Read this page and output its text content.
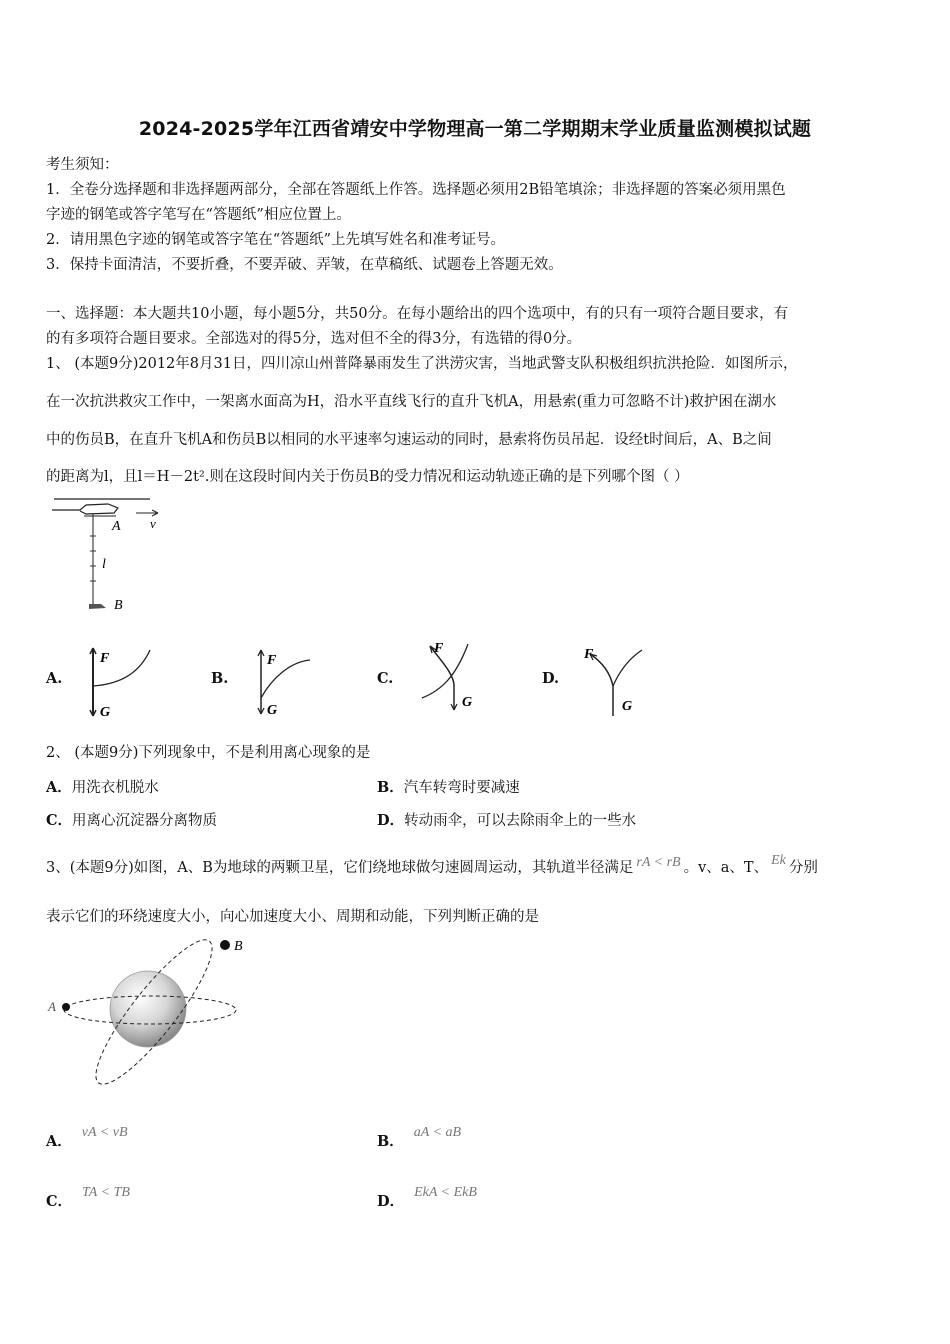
2024-2025学年江西省靖安中学物理高一第二学期期末学业质量监测模拟试题
考生须知：
1．全卷分选择题和非选择题两部分，全部在答题纸上作答。选择题必须用2B铅笔填涂；非选择题的答案必须用黑色
字迹的钢笔或答字笔写在“答题纸”相应位置上。
2．请用黑色字迹的钢笔或答字笔在“答题纸”上先填写姓名和准考证号。
3．保持卡面清洁，不要折叠，不要弄破、弄皱，在草稿纸、试题卷上答题无效。
一、选择题：本大题共10小题，每小题5分，共50分。在每小题给出的四个选项中，有的只有一项符合题目要求，有
的有多项符合题目要求。全部选对的得5分，选对但不全的得3分，有选错的得0分。
1、 (本题9分)2012年8月31日，四川凉山州普降暴雨发生了洪涝灾害，当地武警支队积极组织抗洪抢险．如图所示，
在一次抗洪救灾工作中，一架离水面高为H，沿水平直线飞行的直升飞机A，用悬索(重力可忽略不计)救护困在湖水
中的伤员B，在直升飞机A和伤员B以相同的水平速率匀速运动的同时，悬索将伤员吊起．设经t时间后，A、B之间
的距离为l，且l＝H－2t².则在这段时间内关于伤员B的受力情况和运动轨迹正确的是下列哪个图（ ）
A v
l
B
A.
F
G
B.
F
G
C.
F
G
D.
F
G
2、 (本题9分)下列现象中，不是利用离心现象的是
A．用洗衣机脱水	B．汽车转弯时要减速
C．用离心沉淀器分离物质	D．转动雨伞，可以去除雨伞上的一些水
3、(本题9分)如图，A、B为地球的两颗卫星，它们绕地球做匀速圆周运动，其轨道半径满足 rA < rB 。v、a、T、 Ek 分别
表示它们的环绕速度大小，向心加速度大小、周期和动能，下列判断正确的是
A
B
A．vA < vB
B．aA < aB
C．TA < TB
D．EkA < EkB
